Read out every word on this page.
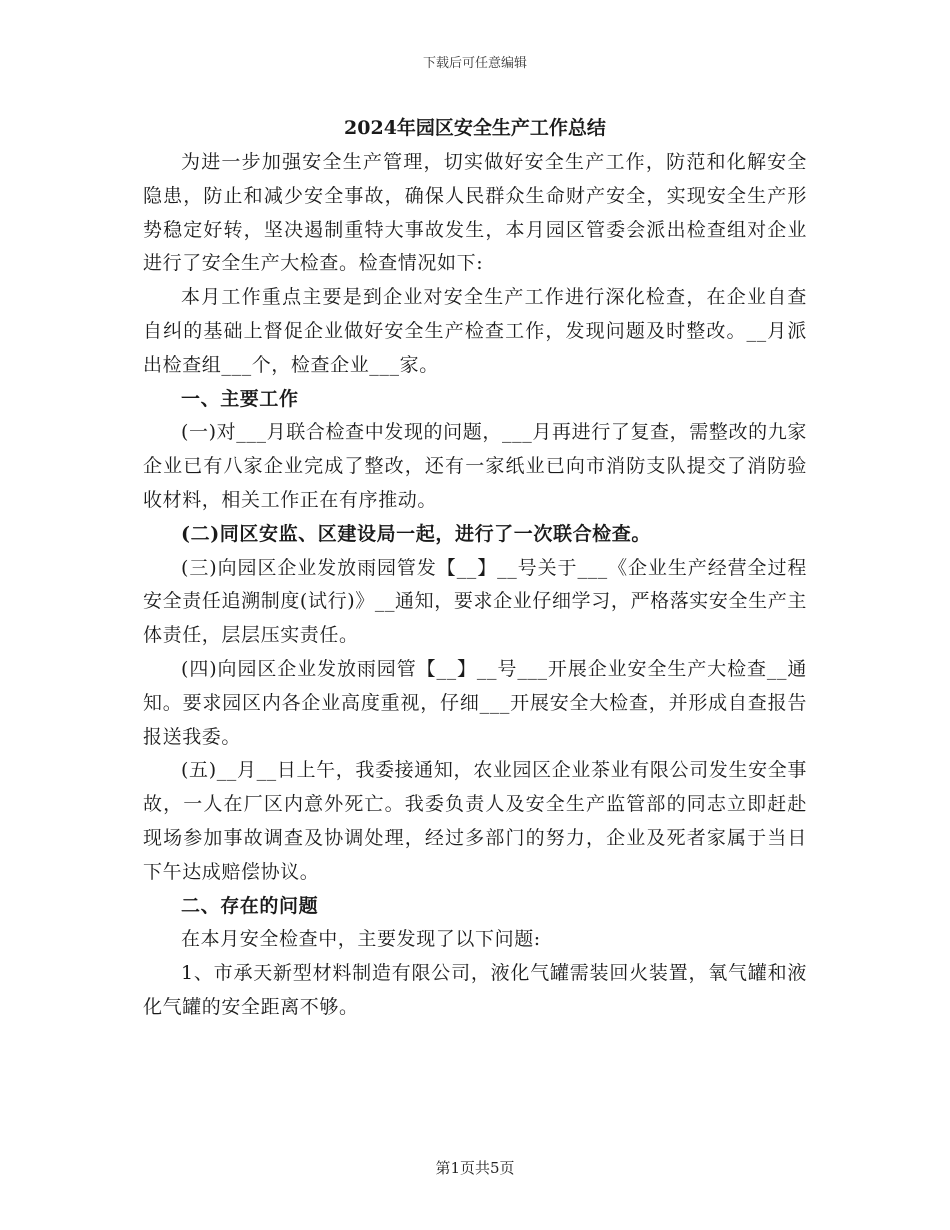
下载后可任意编辑
2024年园区安全生产工作总结

为进一步加强安全生产管理，切实做好安全生产工作，防范和化解安全隐患，防止和减少安全事故，确保人民群众生命财产安全，实现安全生产形势稳定好转，坚决遏制重特大事故发生，本月园区管委会派出检查组对企业进行了安全生产大检查。检查情况如下:

本月工作重点主要是到企业对安全生产工作进行深化检查，在企业自查自纠的基础上督促企业做好安全生产检查工作，发现问题及时整改。__月派出检查组___个，检查企业___家。

一、主要工作

(一)对___月联合检查中发现的问题，___月再进行了复查，需整改的九家企业已有八家企业完成了整改，还有一家纸业已向市消防支队提交了消防验收材料，相关工作正在有序推动。

(二)同区安监、区建设局一起，进行了一次联合检查。

(三)向园区企业发放雨园管发【__】__号关于___《企业生产经营全过程安全责任追溯制度(试行)》__通知，要求企业仔细学习，严格落实安全生产主体责任，层层压实责任。

(四)向园区企业发放雨园管【__】__号___开展企业安全生产大检查__通知。要求园区内各企业高度重视，仔细___开展安全大检查，并形成自查报告报送我委。

(五)__月__日上午，我委接通知，农业园区企业茶业有限公司发生安全事故，一人在厂区内意外死亡。我委负责人及安全生产监管部的同志立即赶赴现场参加事故调查及协调处理，经过多部门的努力，企业及死者家属于当日下午达成赔偿协议。

二、存在的问题

在本月安全检查中，主要发现了以下问题:

1、市承天新型材料制造有限公司，液化气罐需装回火装置，氧气罐和液化气罐的安全距离不够。

第1页共5页
